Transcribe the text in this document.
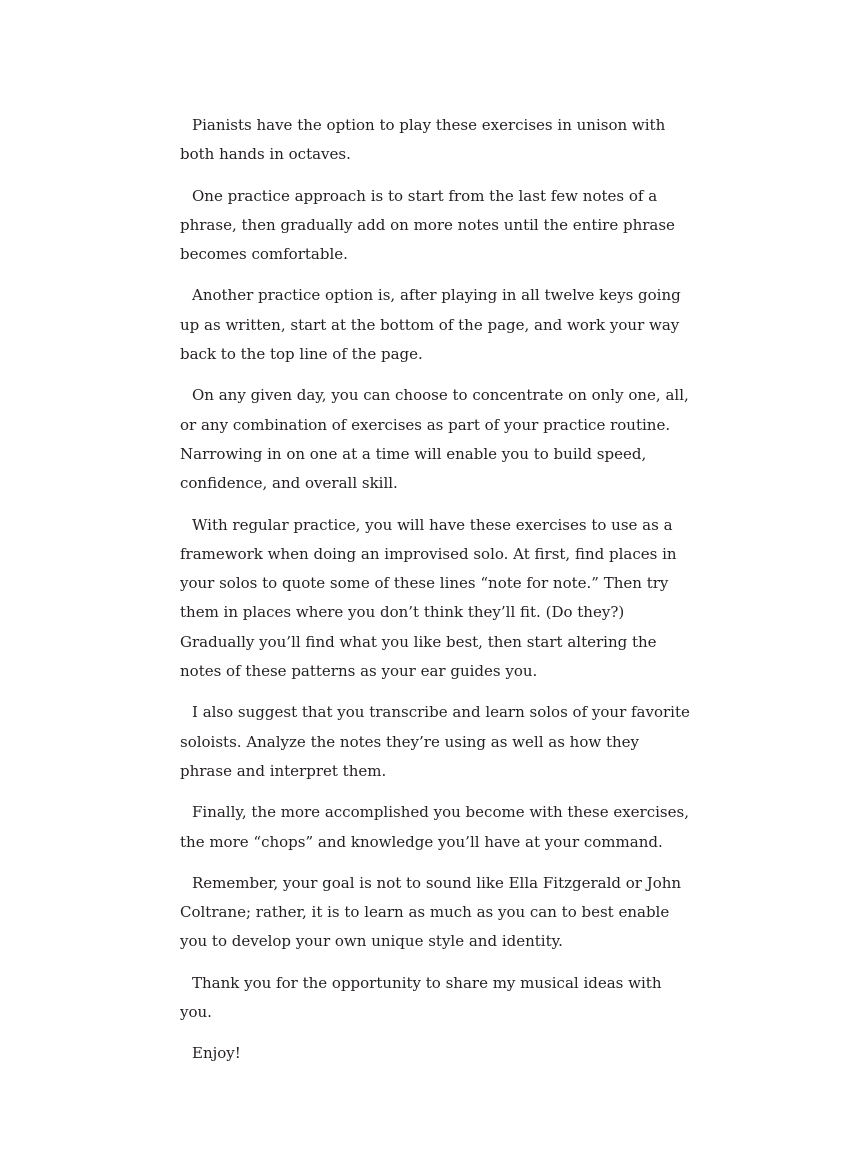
Pianists have the option to play these exercises in unison with both hands in octaves.

One practice approach is to start from the last few notes of a phrase, then gradually add on more notes until the entire phrase becomes comfortable.

Another practice option is, after playing in all twelve keys going up as written, start at the bottom of the page, and work your way back to the top line of the page.

On any given day, you can choose to concentrate on only one, all, or any combination of exercises as part of your practice routine. Narrowing in on one at a time will enable you to build speed, confidence, and overall skill.

With regular practice, you will have these exercises to use as a framework when doing an improvised solo. At first, find places in your solos to quote some of these lines “note for note.” Then try them in places where you don’t think they’ll fit. (Do they?) Gradually you’ll find what you like best, then start altering the notes of these patterns as your ear guides you.

I also suggest that you transcribe and learn solos of your favorite soloists. Analyze the notes they’re using as well as how they phrase and interpret them.

Finally, the more accomplished you become with these exercises, the more “chops” and knowledge you’ll have at your command.

Remember, your goal is not to sound like Ella Fitzgerald or John Coltrane; rather, it is to learn as much as you can to best enable you to develop your own unique style and identity.

Thank you for the opportunity to share my musical ideas with you.

Enjoy!
